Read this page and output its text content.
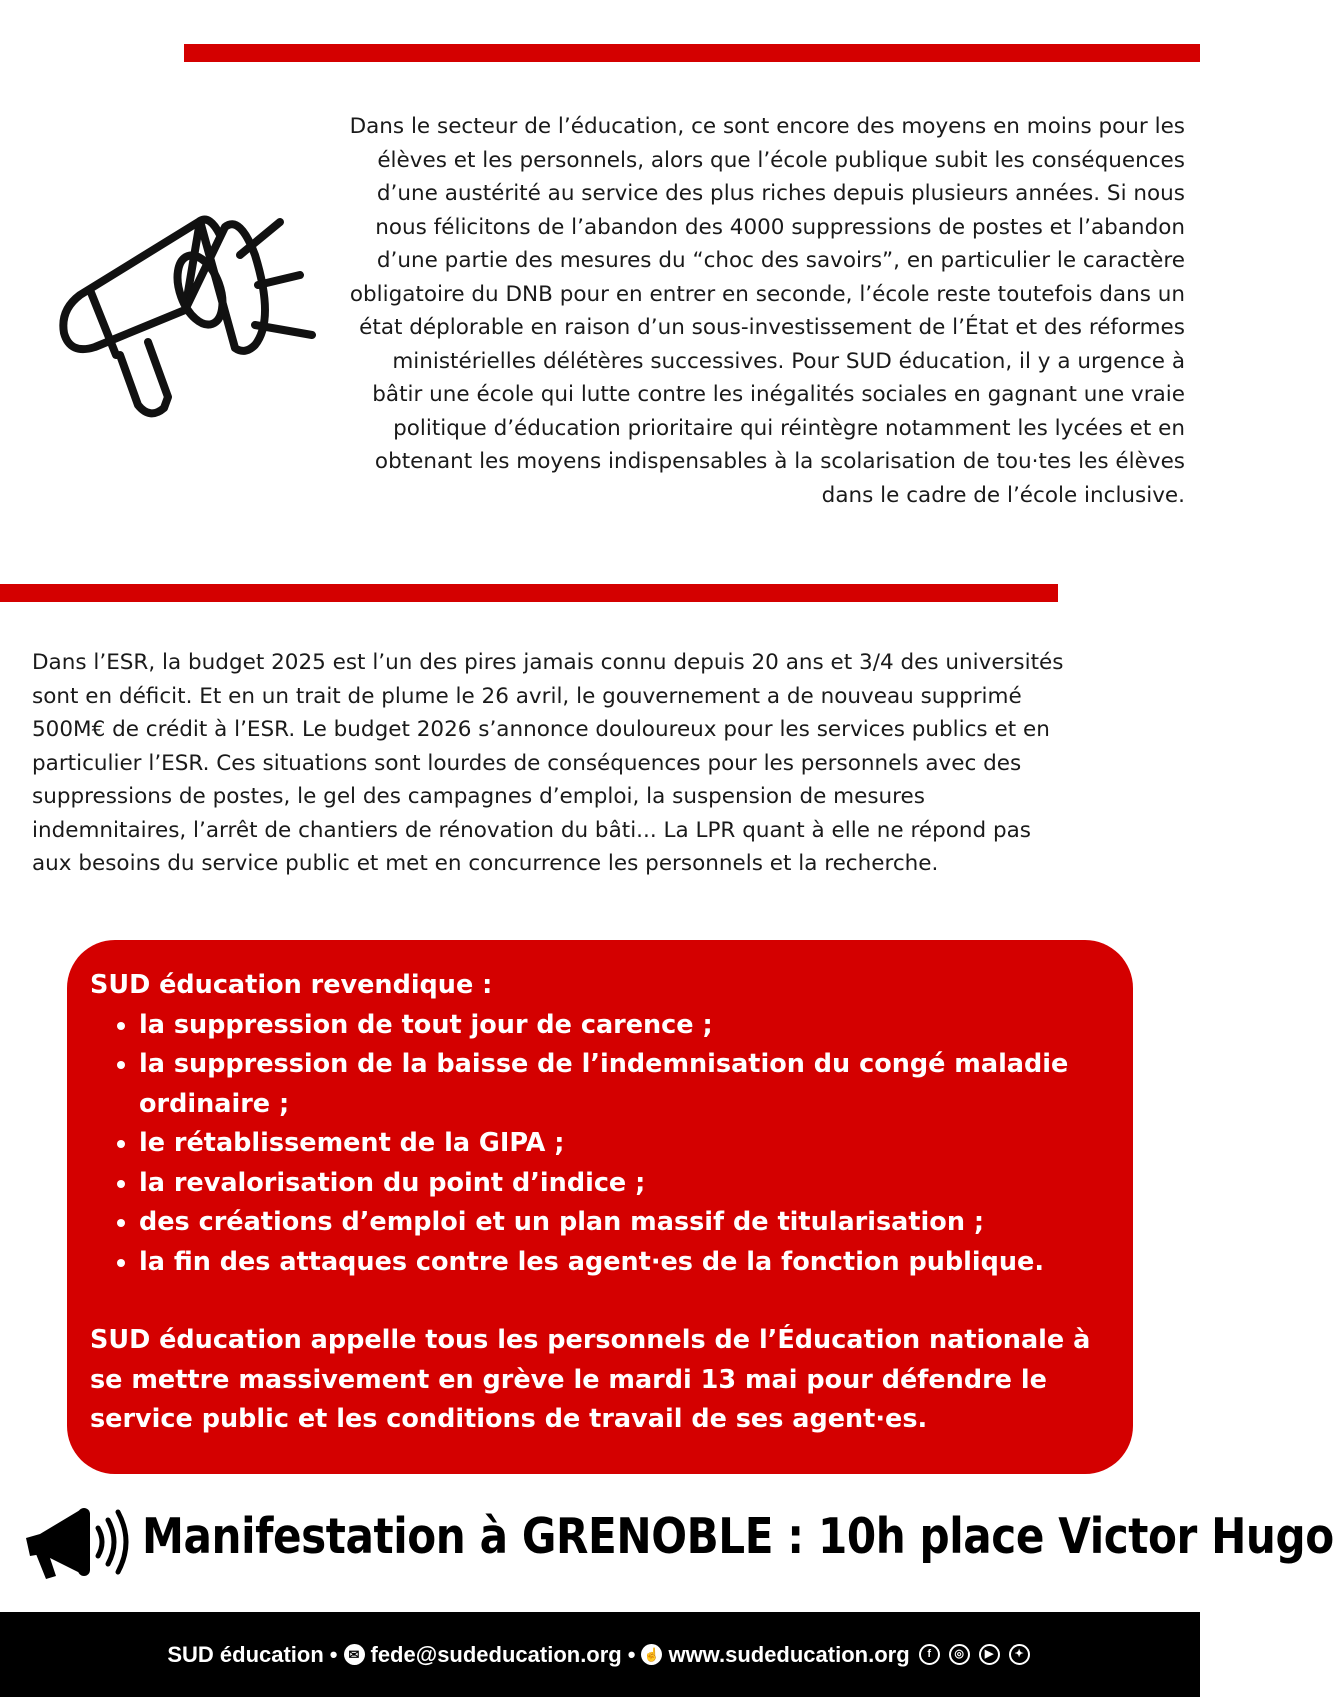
Dans le secteur de l’éducation, ce sont encore des moyens en moins pour les élèves et les personnels, alors que l’école publique subit les conséquences d’une austérité au service des plus riches depuis plusieurs années. Si nous nous félicitons de l’abandon des 4000 suppressions de postes et l’abandon d’une partie des mesures du “choc des savoirs”, en particulier le caractère obligatoire du DNB pour en entrer en seconde, l’école reste toutefois dans un état déplorable en raison d’un sous-investissement de l’État et des réformes ministérielles délétères successives. Pour SUD éducation, il y a urgence à bâtir une école qui lutte contre les inégalités sociales en gagnant une vraie politique d’éducation prioritaire qui réintègre notamment les lycées et en obtenant les moyens indispensables à la scolarisation de tou·tes les élèves dans le cadre de l’école inclusive.

Dans l’ESR, la budget 2025 est l’un des pires jamais connu depuis 20 ans et 3/4 des universités sont en déficit. Et en un trait de plume le 26 avril, le gouvernement a de nouveau supprimé 500M€ de crédit à l’ESR. Le budget 2026 s’annonce douloureux pour les services publics et en particulier l’ESR. Ces situations sont lourdes de conséquences pour les personnels avec des suppressions de postes, le gel des campagnes d’emploi, la suspension de mesures indemnitaires, l’arrêt de chantiers de rénovation du bâti... La LPR quant à elle ne répond pas aux besoins du service public et met en concurrence les personnels et la recherche.

SUD éducation revendique :

• la suppression de tout jour de carence ;
• la suppression de la baisse de l’indemnisation du congé maladie ordinaire ;
• le rétablissement de la GIPA ;
• la revalorisation du point d’indice ;
• des créations d’emploi et un plan massif de titularisation ;
• la fin des attaques contre les agent·es de la fonction publique.

SUD éducation appelle tous les personnels de l’Éducation nationale à se mettre massivement en grève le mardi 13 mai pour défendre le service public et les conditions de travail de ses agent·es.

Manifestation à GRENOBLE : 10h place Victor Hugo
SUD éducation • ✉ fede@sudeducation.org • ☝ www.sudeducation.org	f	◎	▶	✦
